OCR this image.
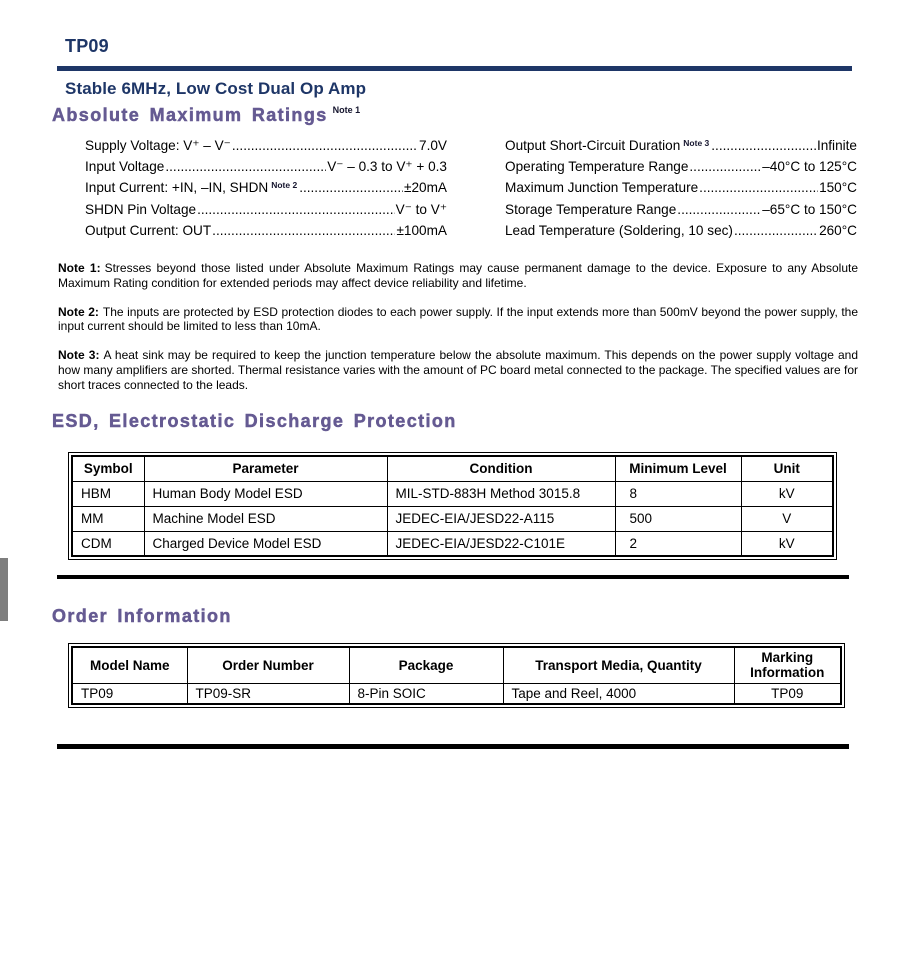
TP09
Stable 6MHz, Low Cost Dual Op Amp
Absolute Maximum Ratings $^{Note 1}$
Supply Voltage: V⁺ – V⁻ .....	7.0V
Input Voltage .....	V⁻ – 0.3 to V⁺ + 0.3
Input Current: +IN, –IN, SHDN $^{Note 2}$ .....	±20mA
SHDN Pin Voltage .....	V⁻ to V⁺
Output Current: OUT .....	±100mA
Output Short-Circuit Duration $^{Note 3}$ .....	Infinite
Operating Temperature Range .....	–40°C to 125°C
Maximum Junction Temperature .....	150°C
Storage Temperature Range .....	–65°C to 150°C
Lead Temperature (Soldering, 10 sec) .....	260°C

Note 1: Stresses beyond those listed under Absolute Maximum Ratings may cause permanent damage to the device. Exposure to any Absolute Maximum Rating condition for extended periods may affect device reliability and lifetime.

Note 2: The inputs are protected by ESD protection diodes to each power supply. If the input extends more than 500mV beyond the power supply, the input current should be limited to less than 10mA.

Note 3: A heat sink may be required to keep the junction temperature below the absolute maximum. This depends on the power supply voltage and how many amplifiers are shorted. Thermal resistance varies with the amount of PC board metal connected to the package. The specified values are for short traces connected to the leads.

ESD, Electrostatic Discharge Protection
Symbol	Parameter	Condition	Minimum Level	Unit
HBM	Human Body Model ESD	MIL-STD-883H Method 3015.8	8	kV
MM	Machine Model ESD	JEDEC-EIA/JESD22-A115	500	V
CDM	Charged Device Model ESD	JEDEC-EIA/JESD22-C101E	2	kV
Order Information
Model Name	Order Number	Package	Transport Media, Quantity	Marking Information
TP09	TP09-SR	8-Pin SOIC	Tape and Reel, 4000	TP09
